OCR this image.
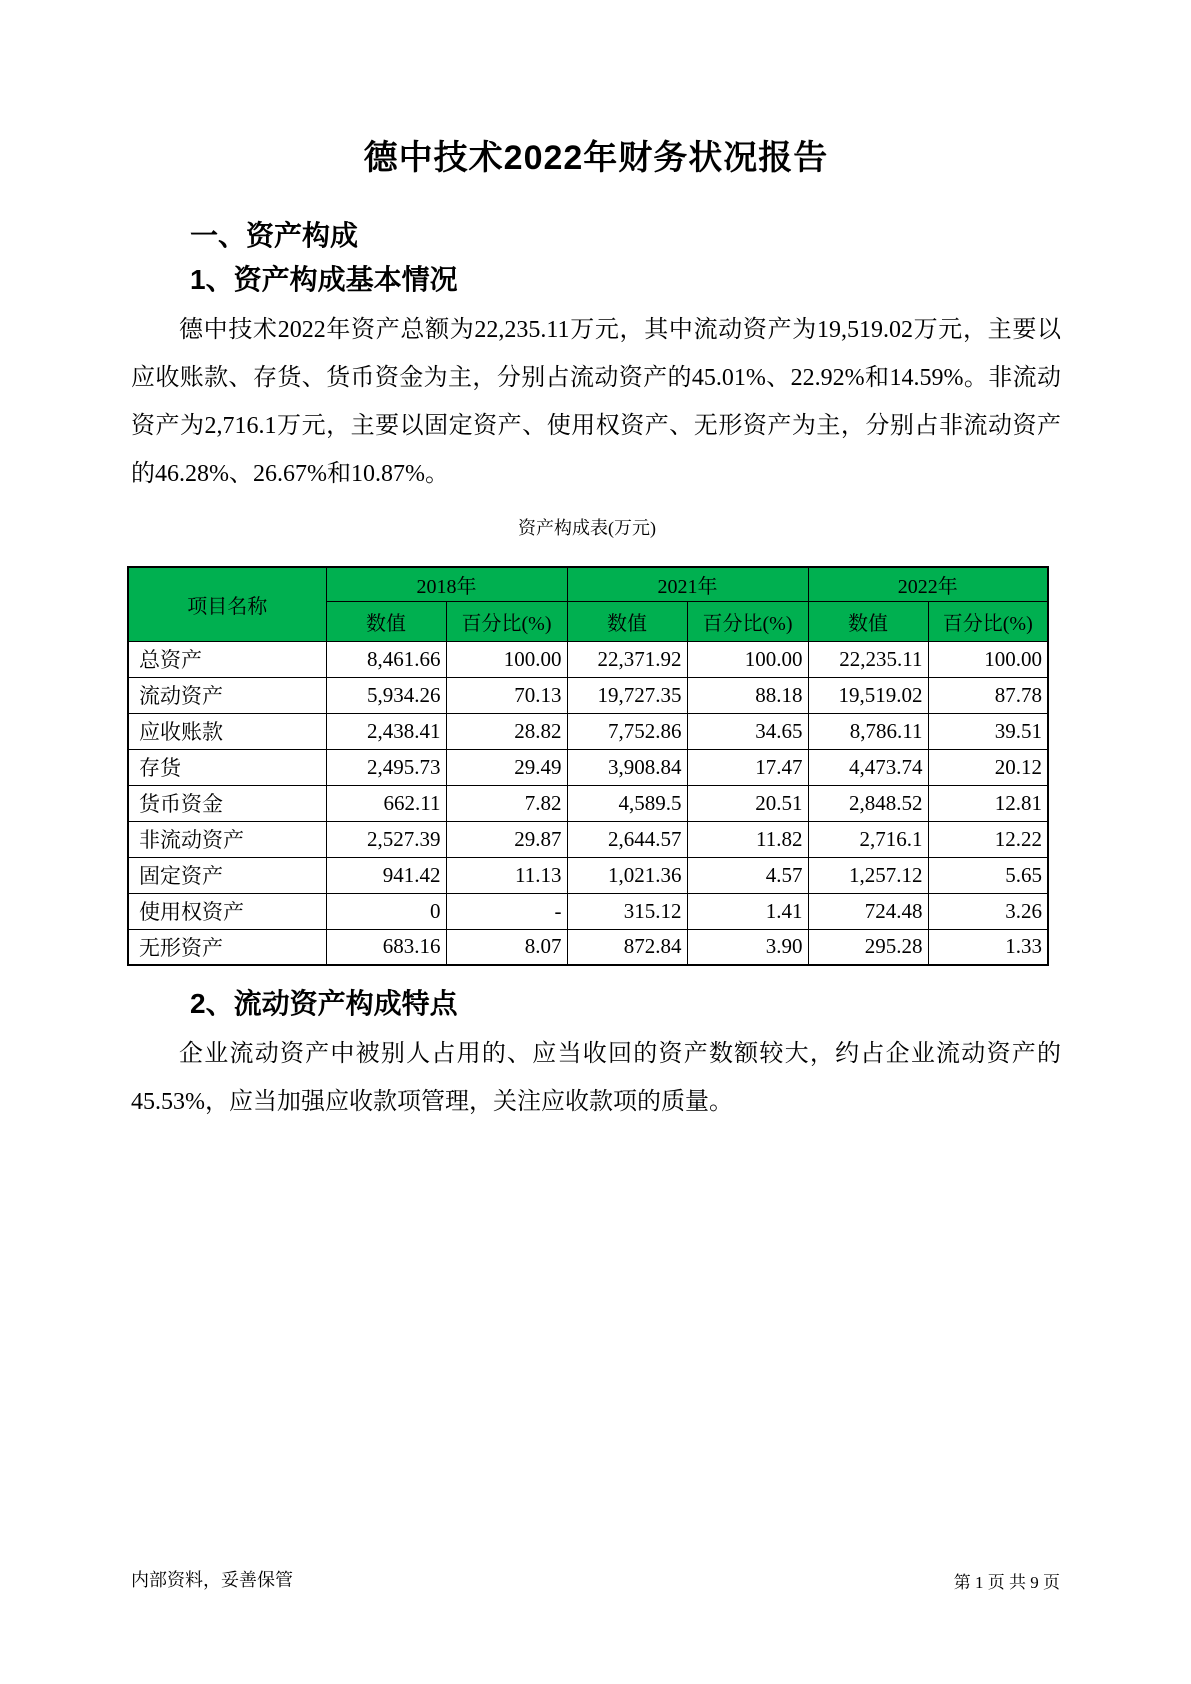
德中技术2022年财务状况报告
一、资产构成
1、资产构成基本情况

德中技术2022年资产总额为22,235.11万元，其中流动资产为19,519.02万元，主要以应收账款、存货、货币资金为主，分别占流动资产的45.01%、22.92%和14.59%。非流动资产为2,716.1万元，主要以固定资产、使用权资产、无形资产为主，分别占非流动资产的46.28%、26.67%和10.87%。

资产构成表(万元)
项目名称	2018年		2021年		2022年	
	数值	百分比(%)	数值	百分比(%)	数值	百分比(%)
总资产	8,461.66	100.00	22,371.92	100.00	22,235.11	100.00
流动资产	5,934.26	70.13	19,727.35	88.18	19,519.02	87.78
应收账款	2,438.41	28.82	7,752.86	34.65	8,786.11	39.51
存货	2,495.73	29.49	3,908.84	17.47	4,473.74	20.12
货币资金	662.11	7.82	4,589.5	20.51	2,848.52	12.81
非流动资产	2,527.39	29.87	2,644.57	11.82	2,716.1	12.22
固定资产	941.42	11.13	1,021.36	4.57	1,257.12	5.65
使用权资产	0	-	315.12	1.41	724.48	3.26
无形资产	683.16	8.07	872.84	3.90	295.28	1.33
2、流动资产构成特点

企业流动资产中被别人占用的、应当收回的资产数额较大，约占企业流动资产的45.53%，应当加强应收款项管理，关注应收款项的质量。

内部资料，妥善保管	第 1 页 共 9 页
